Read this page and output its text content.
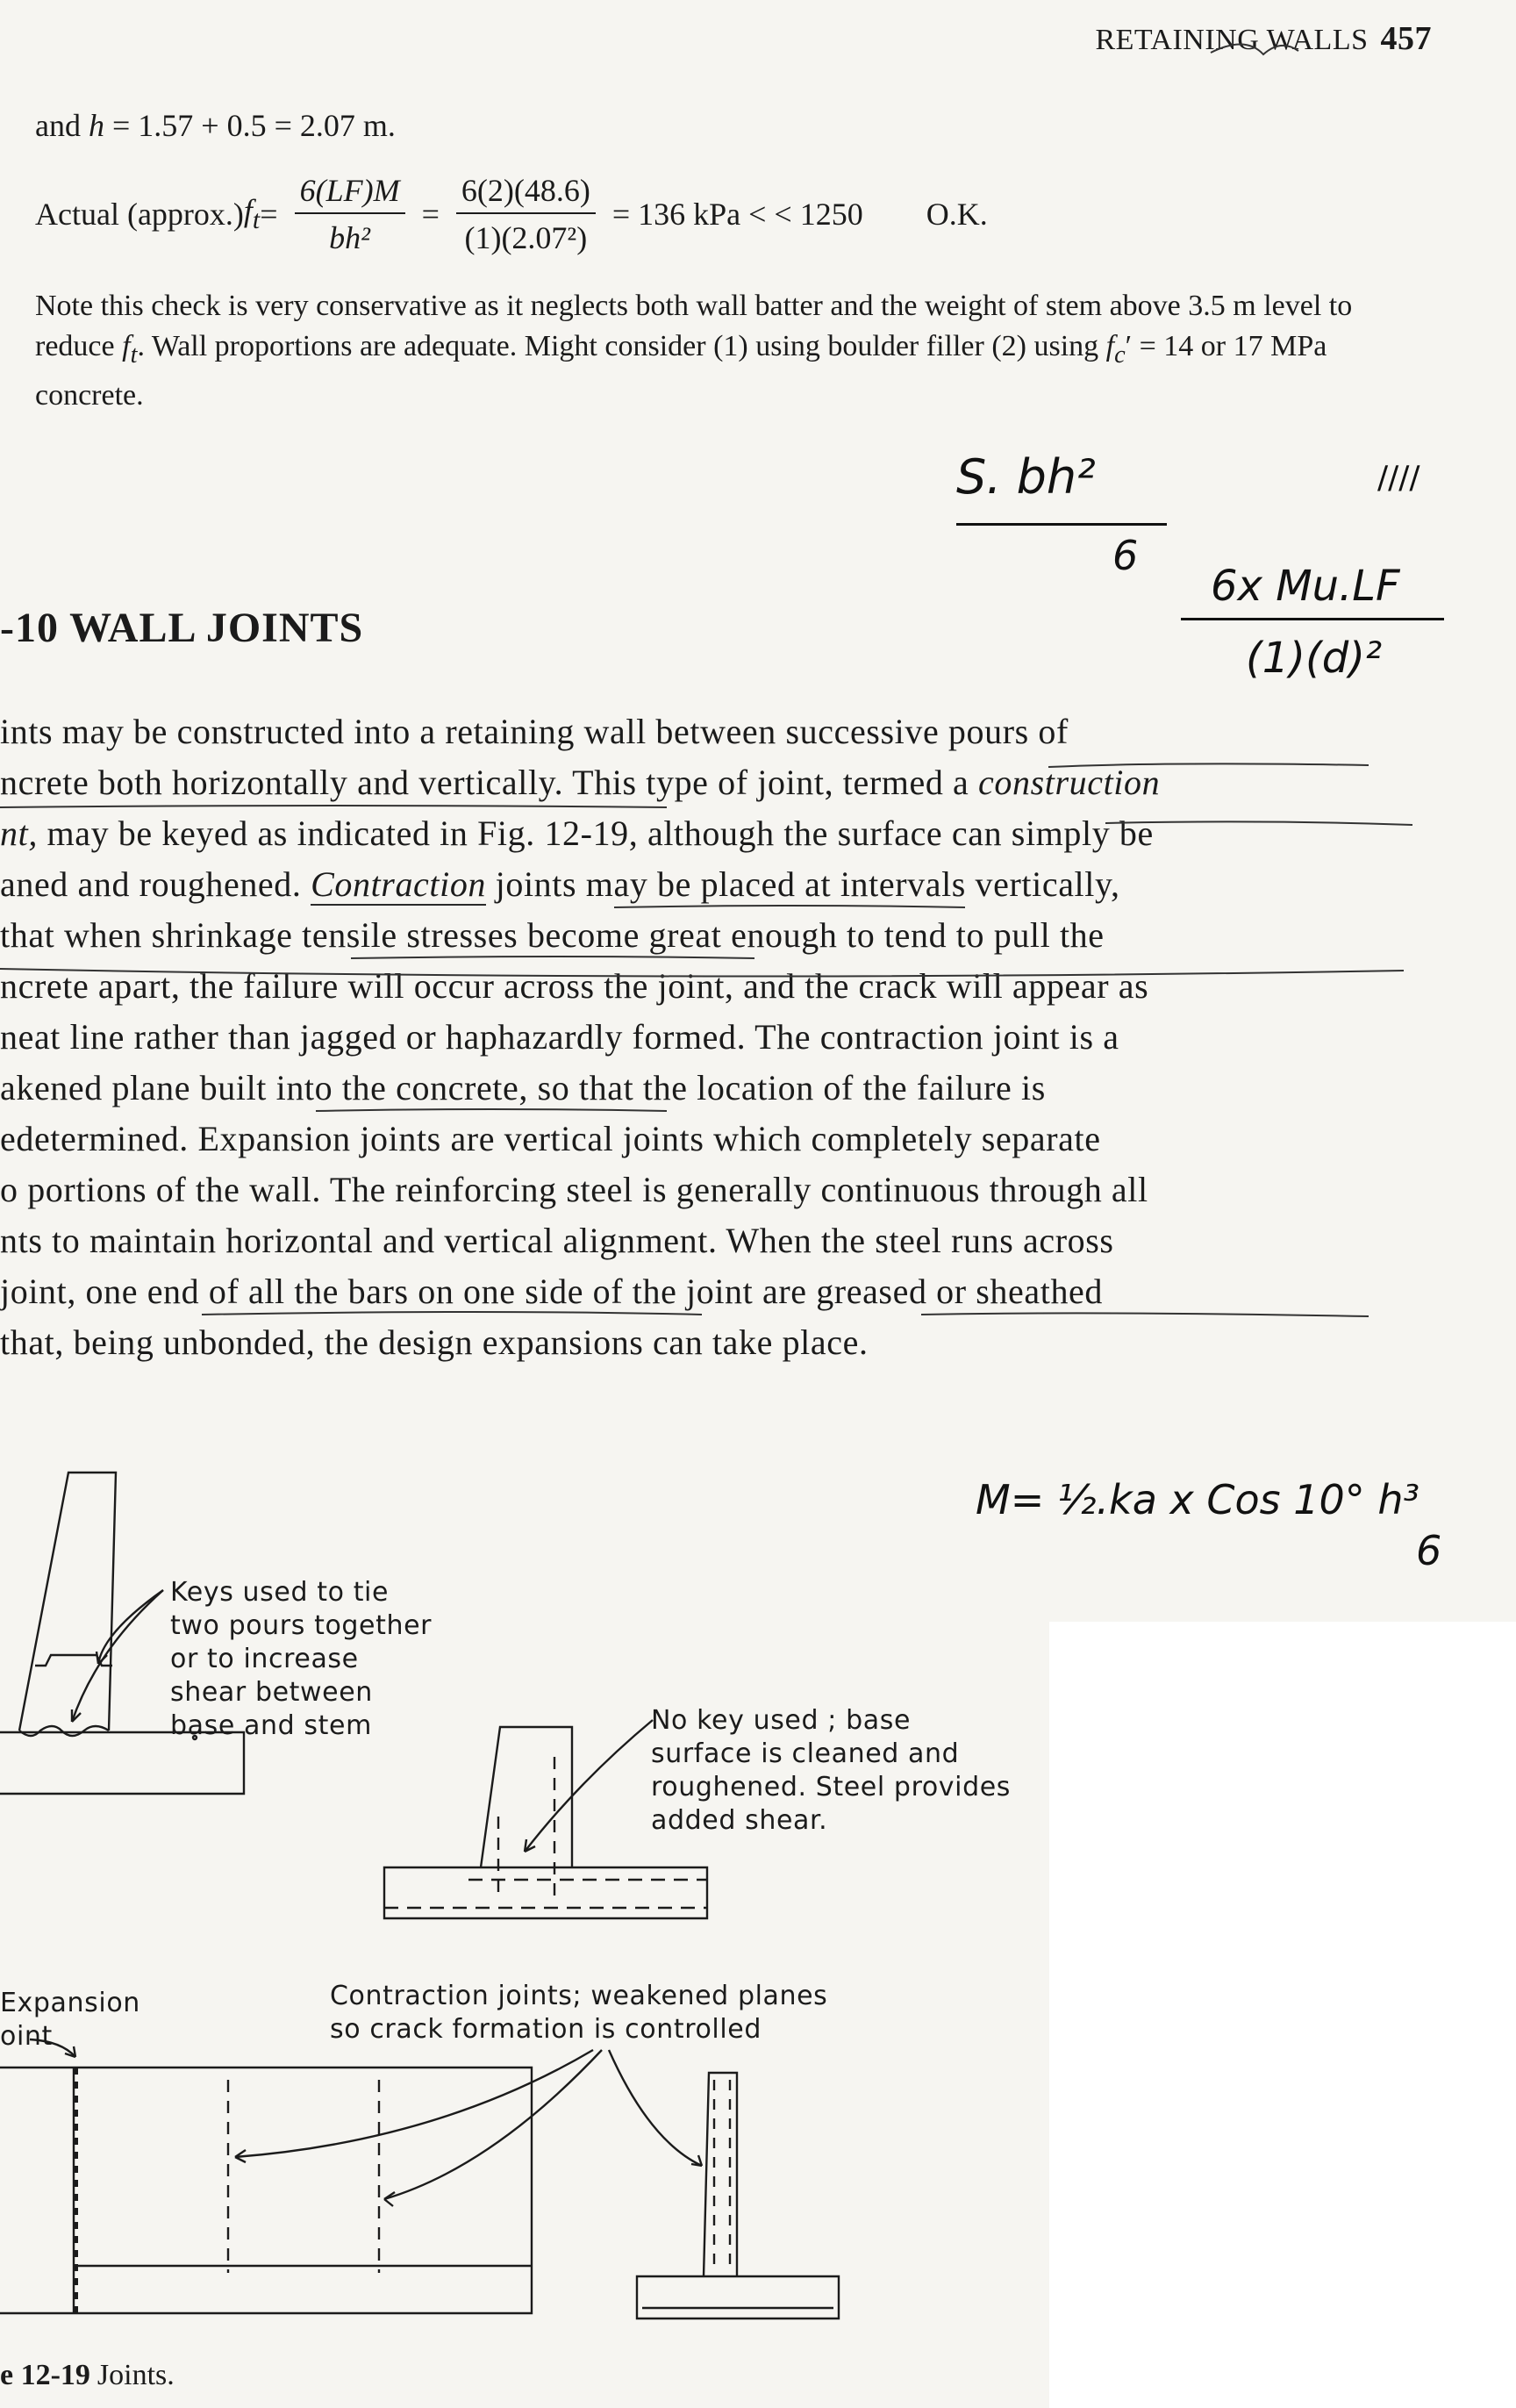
RETAINING WALLS 457
and h = 1.57 + 0.5 = 2.07 m.
Actual $(approx.)f_t= \frac{6(LF)M}{\text{bh²}} = \frac{6(2)(48.6)}{\text{(1)(2.07²)}} = 136$ kPa < < 1250 O.K.
Note this check is very conservative as it neglects both wall batter and the weight of stem above 3.5 m level to reduce $f_t$. Wall proportions are adequate. Might consider (1) using boulder filler (2) using $f_c' = 14$ or 17 MPa concrete.
-10 WALL JOINTS
ints may be constructed into a retaining wall between successive pours of
ncrete both horizontally and vertically. This type of joint, termed a construction
nt, may be keyed as indicated in Fig. 12-19, although the surface can simply be
aned and roughened. Contraction joints may be placed at intervals vertically,
that when shrinkage tensile stresses become great enough to tend to pull the
ncrete apart, the failure will occur across the joint, and the crack will appear as
neat line rather than jagged or haphazardly formed. The contraction joint is a
akened plane built into the concrete, so that the location of the failure is
edetermined. Expansion joints are vertical joints which completely separate
o portions of the wall. The reinforcing steel is generally continuous through all
nts to maintain horizontal and vertical alignment. When the steel runs across
joint, one end of all the bars on one side of the joint are greased or sheathed
that, being unbonded, the design expansions can take place.
S. bh²
6
////
6x Mu.LF
(1)(d)²
M= ½.ka x Cos 10° h³
6
Keys used to tie
two pours together
or to increase
shear between
base and stem	No key used ; base
surface is cleaned and
roughened. Steel provides
added shear.
Expansion
oint
Contraction joints; weakened planes
so crack formation is controlled
e 12-19 Joints.
